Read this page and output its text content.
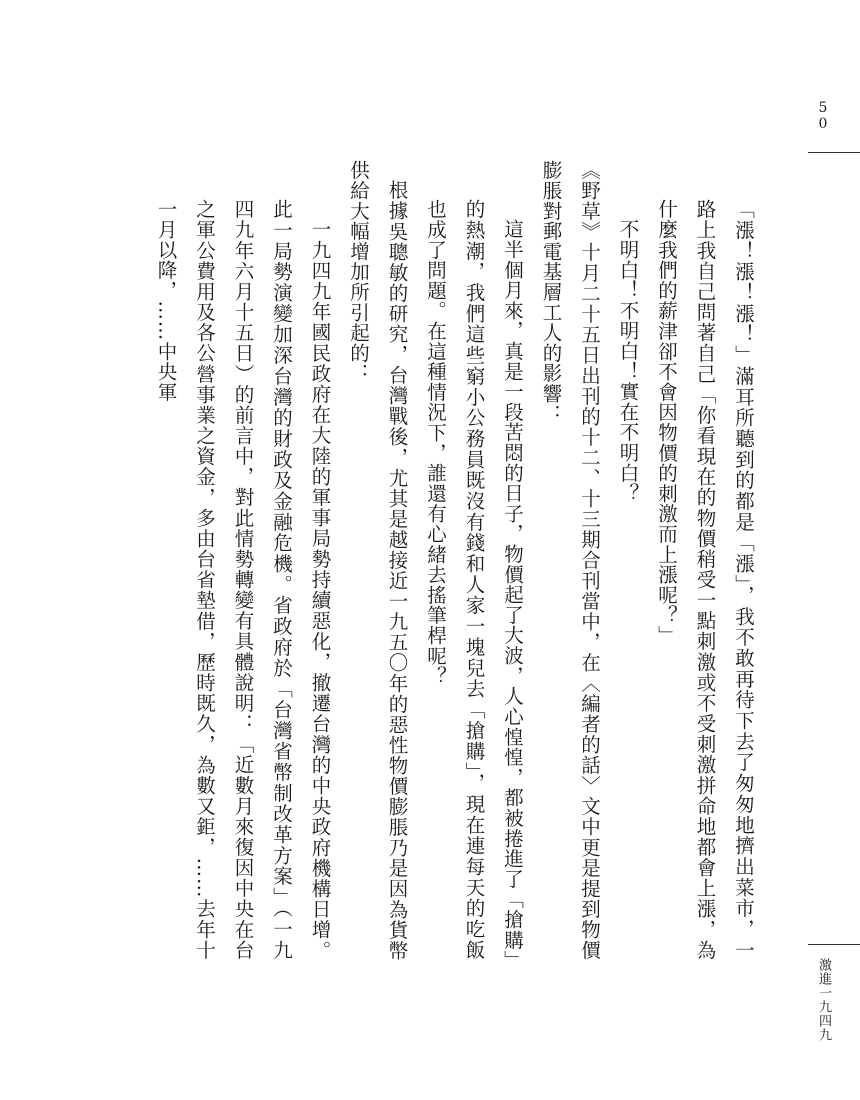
50

「漲！漲！漲！」滿耳所聽到的都是「漲」，我不敢再待下去了匆匆地擠出菜市，一路上我自己問著自己「你看現在的物價稍受一點刺激或不受刺激拼命地都會上漲，為什麼我們的薪津卻不會因物價的刺激而上漲呢？」

不明白！不明白！實在不明白？

《野草》十月二十五日出刊的十二、十三期合刊當中，在〈編者的話〉文中更是提到物價膨脹對郵電基層工人的影響：

這半個月來，真是一段苦悶的日子，物價起了大波，人心惶惶，都被捲進了「搶購」的熱潮，我們這些窮小公務員既沒有錢和人家一塊兒去「搶購」，現在連每天的吃飯也成了問題。在這種情況下，誰還有心緒去搖筆桿呢？

根據吳聰敏的研究，台灣戰後，尤其是越接近一九五〇年的惡性物價膨脹乃是因為貨幣供給大幅增加所引起的：

一九四九年國民政府在大陸的軍事局勢持續惡化，撤遷台灣的中央政府機構日增。此一局勢演變加深台灣的財政及金融危機。省政府於「台灣省幣制改革方案」（一九四九年六月十五日）的前言中，對此情勢轉變有具體說明：「近數月來復因中央在台之軍公費用及各公營事業之資金，多由台省墊借，歷時既久，為數又鉅，……去年十一月以降，……中央軍

激進一九四九
